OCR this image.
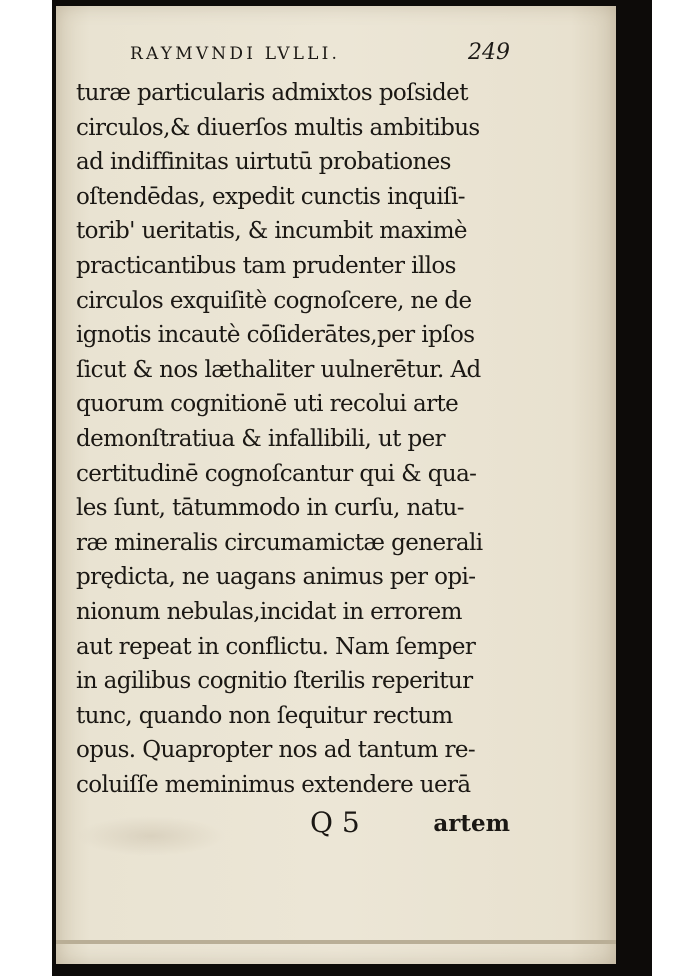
RAYMVNDI LVLLI.	249
turæ particularis admixtos poſsidet
circulos,& diuerſos multis ambitibus
ad indiffinitas uirtutū probationes
oſtendēdas, expedit cunctis inquiſi-
torib' ueritatis, & incumbit maximè
practicantibus tam prudenter illos
circulos exquiſitè cognoſcere, ne de
ignotis incautè cōſiderātes,per ipſos
ſicut & nos læthaliter uulnerētur. Ad
quorum cognitionē uti recolui arte
demonſtratiua & infallibili, ut per
certitudinē cognoſcantur qui & qua-
les ſunt, tātummodo in curſu, natu-
ræ mineralis circumamictæ generali
prędicta, ne uagans animus per opi-
nionum nebulas,incidat in errorem
aut repeat in conflictu. Nam ſemper
in agilibus cognitio ſterilis reperitur
tunc, quando non ſequitur rectum
opus. Quapropter nos ad tantum re-
coluiſſe meminimus extendere uerā
Q 5	artem
